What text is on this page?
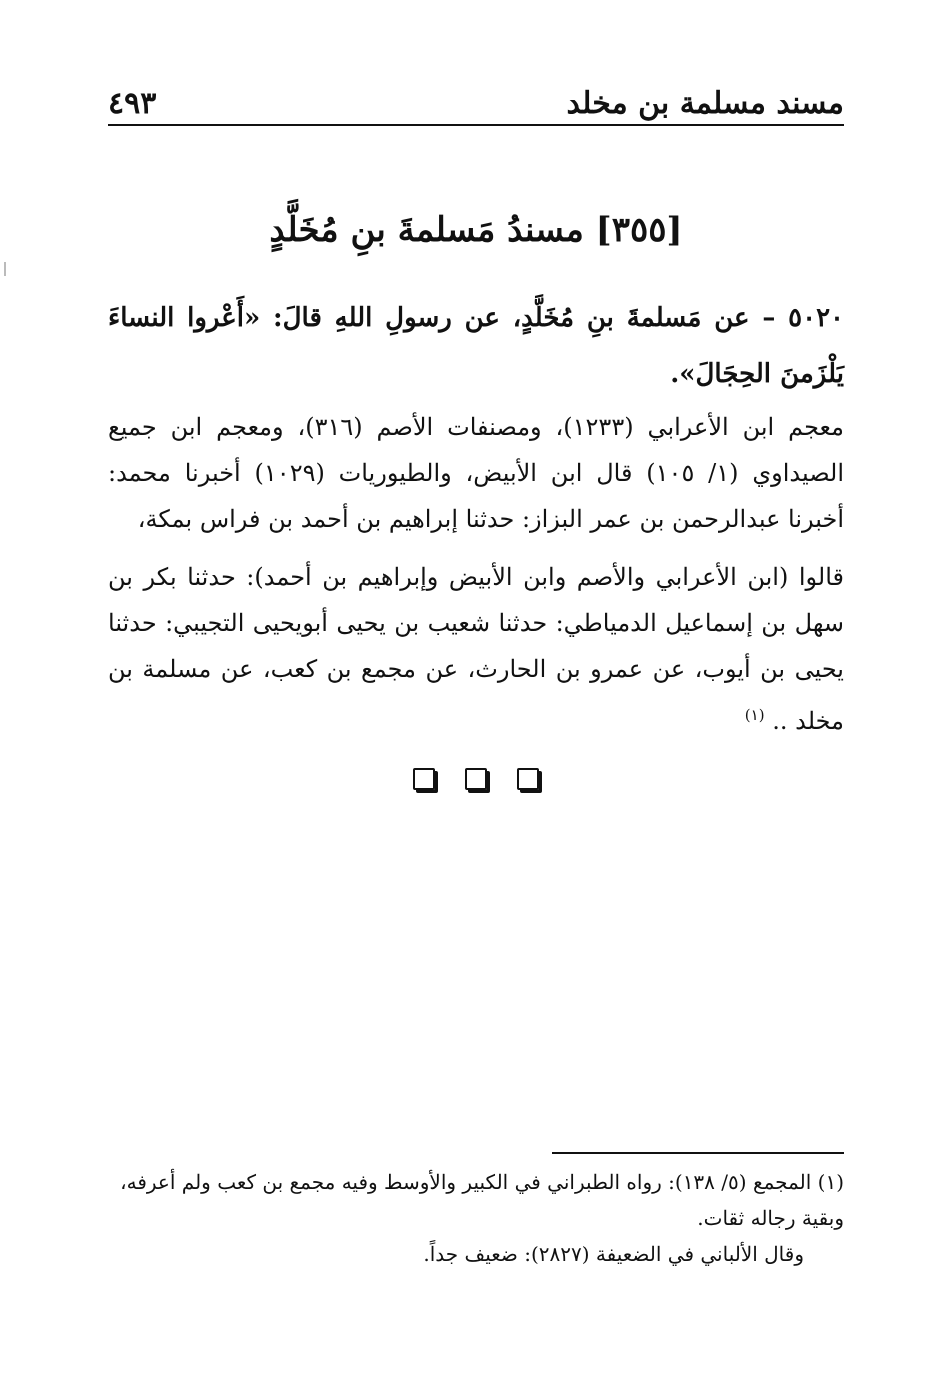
مسند مسلمة بن مخلد
٤٩٣
[٣٥٥] مسندُ مَسلمةَ بنِ مُخَلَّدٍ
٥٠٢٠ – عن مَسلمةَ بنِ مُخَلَّدٍ، عن رسولِ اللهِ قالَ: «أَعْروا النساءَ يَلْزَمنَ الحِجَالَ».
معجم ابن الأعرابي (١٢٣٣)، ومصنفات الأصم (٣١٦)، ومعجم ابن جميع الصيداوي (١/ ١٠٥) قال ابن الأبيض، والطيوريات (١٠٢٩) أخبرنا محمد: أخبرنا عبدالرحمن بن عمر البزاز: حدثنا إبراهيم بن أحمد بن فراس بمكة،
قالوا (ابن الأعرابي والأصم وابن الأبيض وإبراهيم بن أحمد): حدثنا بكر بن سهل بن إسماعيل الدمياطي: حدثنا شعيب بن يحيى أبويحيى التجيبي: حدثنا يحيى بن أيوب، عن عمرو بن الحارث، عن مجمع بن كعب، عن مسلمة بن مخلد .. $^{(١)}$

(١) المجمع (٥/ ١٣٨): رواه الطبراني في الكبير والأوسط وفيه مجمع بن كعب ولم أعرفه، وبقية رجاله ثقات.

وقال الألباني في الضعيفة (٢٨٢٧): ضعيف جداً.
